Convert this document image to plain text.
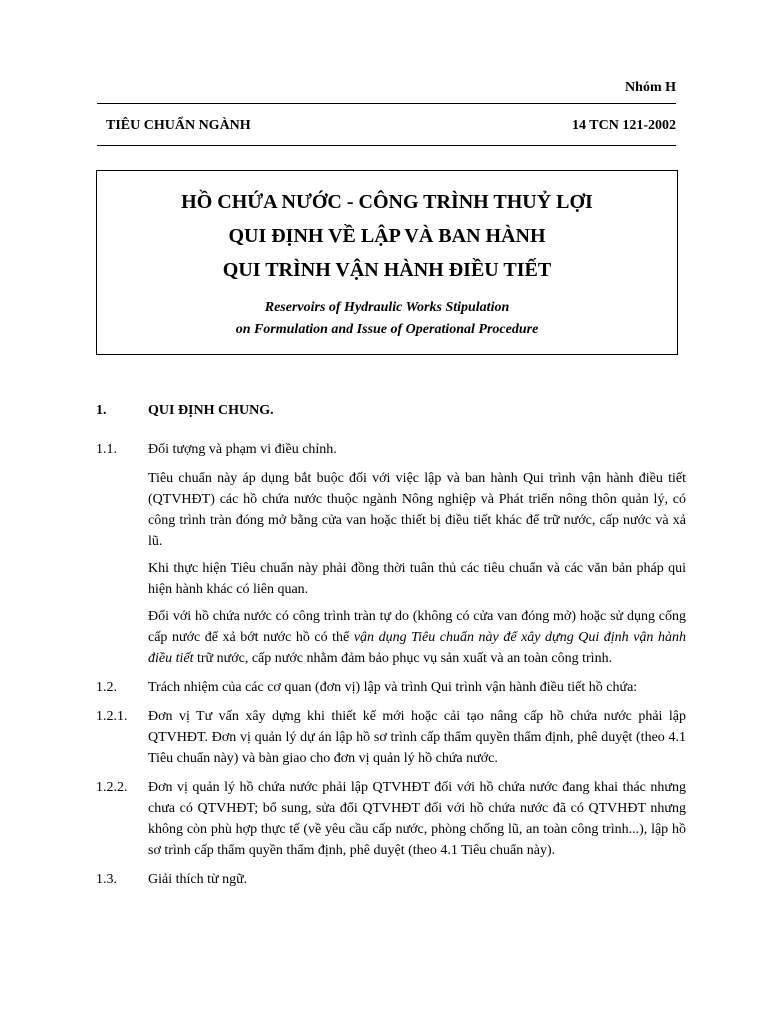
Nhóm H
TIÊU CHUẨN NGÀNH	14 TCN 121-2002
HỒ CHỨA NƯỚC - CÔNG TRÌNH THUỶ LỢI
QUI ĐỊNH VỀ LẬP VÀ BAN HÀNH
QUI TRÌNH VẬN HÀNH ĐIỀU TIẾT
Reservoirs of Hydraulic Works Stipulation
on Formulation and Issue of Operational Procedure
1.	QUI ĐỊNH CHUNG.
1.1.	Đối tượng và phạm vi điều chỉnh.
Tiêu chuẩn này áp dụng bắt buộc đối với việc lập và ban hành Qui trình vận hành điều tiết (QTVHĐT) các hồ chứa nước thuộc ngành Nông nghiệp và Phát triển nông thôn quản lý, có công trình tràn đóng mở bằng cửa van hoặc thiết bị điều tiết khác để trữ nước, cấp nước và xả lũ.
Khi thực hiện Tiêu chuẩn này phải đồng thời tuân thủ các tiêu chuẩn và các văn bản pháp qui hiện hành khác có liên quan.
Đối với hồ chứa nước có công trình tràn tự do (không có cửa van đóng mở) hoặc sử dụng cống cấp nước để xả bớt nước hồ có thể vận dụng Tiêu chuẩn này để xây dựng Qui định vận hành điều tiết trữ nước, cấp nước nhằm đảm bảo phục vụ sản xuất và an toàn công trình.
1.2.	Trách nhiệm của các cơ quan (đơn vị) lập và trình Qui trình vận hành điều tiết hồ chứa:
1.2.1.	Đơn vị Tư vấn xây dựng khi thiết kế mới hoặc cải tạo nâng cấp hồ chứa nước phải lập QTVHĐT. Đơn vị quản lý dự án lập hồ sơ trình cấp thẩm quyền thẩm định, phê duyệt (theo 4.1 Tiêu chuẩn này) và bàn giao cho đơn vị quản lý hồ chứa nước.
1.2.2.	Đơn vị quản lý hồ chứa nước phải lập QTVHĐT đối với hồ chứa nước đang khai thác nhưng chưa có QTVHĐT; bổ sung, sửa đổi QTVHĐT đối với hồ chứa nước đã có QTVHĐT nhưng không còn phù hợp thực tế (về yêu cầu cấp nước, phòng chống lũ, an toàn công trình...), lập hồ sơ trình cấp thẩm quyền thẩm định, phê duyệt (theo 4.1 Tiêu chuẩn này).
1.3.	Giải thích từ ngữ.
